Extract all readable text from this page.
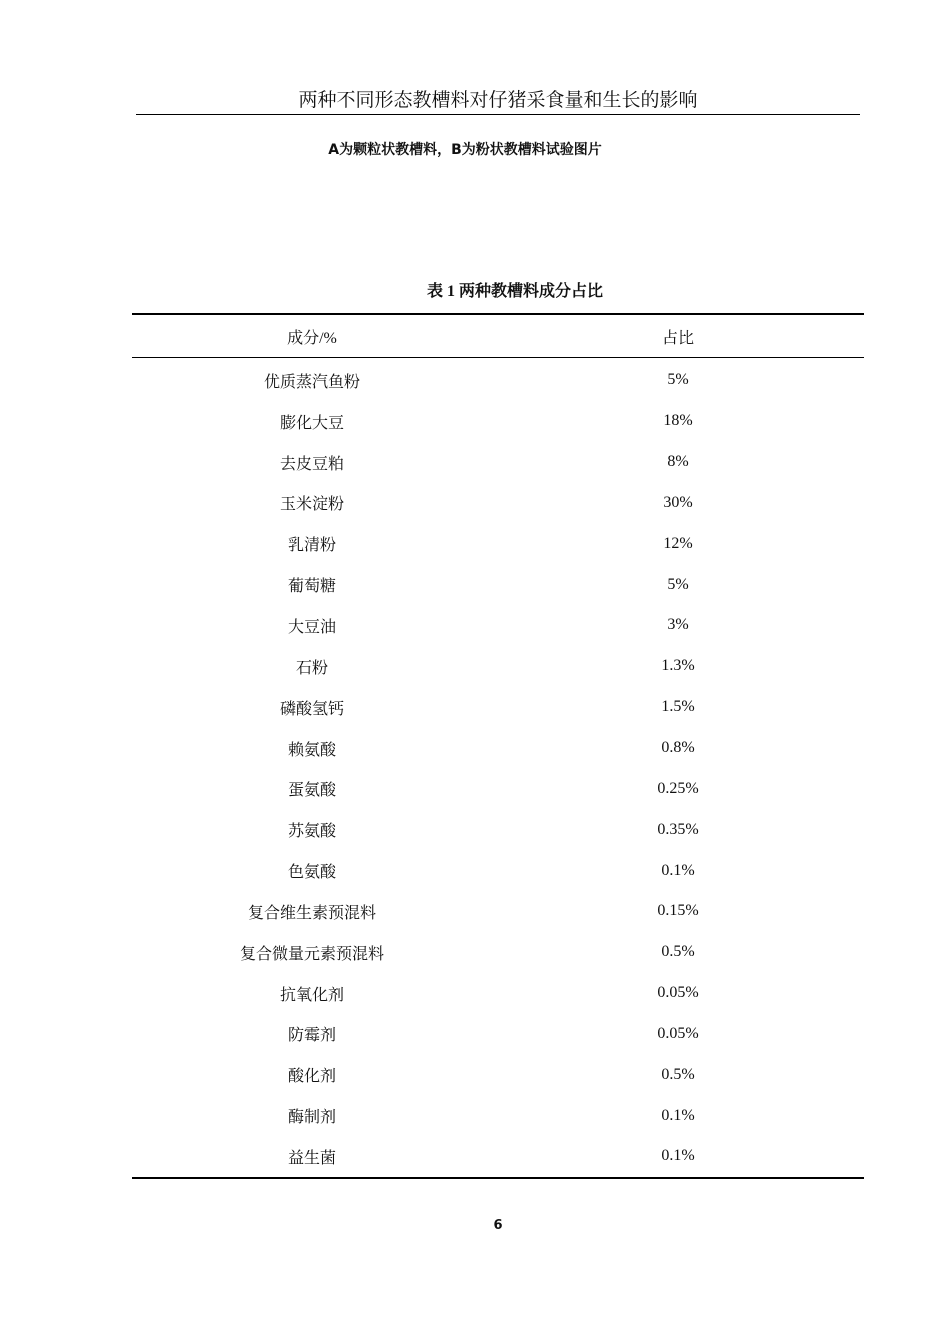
两种不同形态教槽料对仔猪采食量和生长的影响
A为颗粒状教槽料，B为粉状教槽料试验图片
表 1 两种教槽料成分占比
成分/%	占比
优质蒸汽鱼粉	5%
膨化大豆	18%
去皮豆粕	8%
玉米淀粉	30%
乳清粉	12%
葡萄糖	5%
大豆油	3%
石粉	1.3%
磷酸氢钙	1.5%
赖氨酸	0.8%
蛋氨酸	0.25%
苏氨酸	0.35%
色氨酸	0.1%
复合维生素预混料	0.15%
复合微量元素预混料	0.5%
抗氧化剂	0.05%
防霉剂	0.05%
酸化剂	0.5%
酶制剂	0.1%
益生菌	0.1%
6
